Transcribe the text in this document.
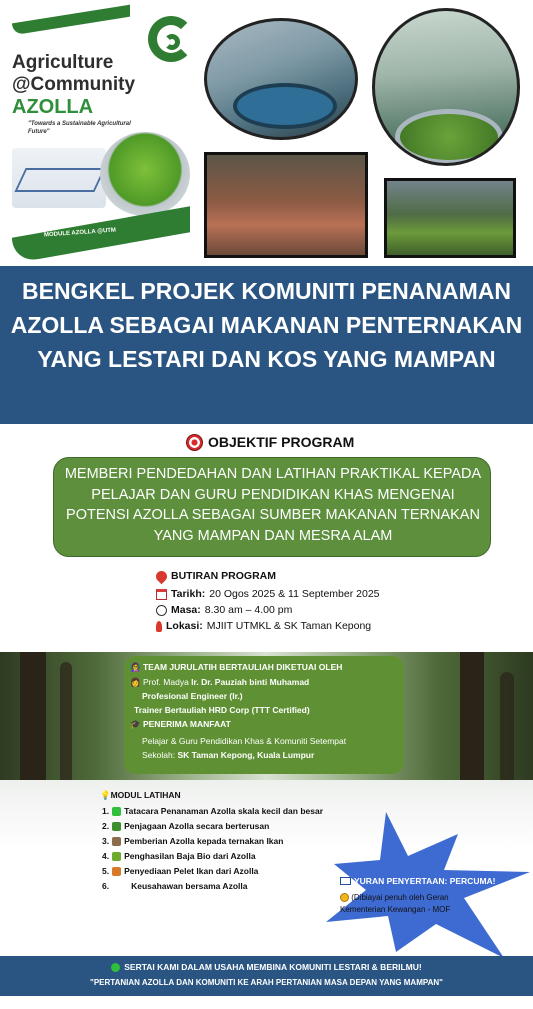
Agriculture
@Community
AZOLLA
"Towards a Sustainable Agricultural Future"
MODULE AZOLLA @UTM
BENGKEL PROJEK KOMUNITI PENANAMAN AZOLLA SEBAGAI MAKANAN PENTERNAKAN YANG LESTARI DAN KOS YANG MAMPAN
OBJEKTIF PROGRAM
MEMBERI PENDEDAHAN DAN LATIHAN PRAKTIKAL KEPADA PELAJAR DAN GURU PENDIDIKAN KHAS MENGENAI POTENSI AZOLLA SEBAGAI SUMBER MAKANAN TERNAKAN YANG MAMPAN DAN MESRA ALAM
BUTIRAN PROGRAM
Tarikh: 20 Ogos 2025 & 11 September 2025
Masa: 8.30 am – 4.00 pm
Lokasi: MJIIT UTMKL & SK Taman Kepong
👩‍🏫 TEAM JURULATIH BERTAULIAH DIKETUAI OLEH
👩 Prof. Madya Ir. Dr. Pauziah binti Muhamad
Profesional Engineer (Ir.)
Trainer Bertauliah HRD Corp (TTT Certified)
🎓 PENERIMA MANFAAT
Pelajar & Guru Pendidikan Khas & Komuniti Setempat
Sekolah: SK Taman Kepong, Kuala Lumpur
💡MODUL LATIHAN
1. Tatacara Penanaman Azolla skala kecil dan besar
2. Penjagaan Azolla secara berterusan
3. Pemberian Azolla kepada ternakan Ikan
4. Penghasilan Baja Bio dari Azolla
5. Penyediaan Pelet Ikan dari Azolla
6.	Keusahawan bersama Azolla	YURAN PENYERTAAN: PERCUMA!
(Dibiayai penuh oleh Geran Kementerian Kewangan - MOF
SERTAI KAMI DALAM USAHA MEMBINA KOMUNITI LESTARI & BERILMU!
"PERTANIAN AZOLLA DAN KOMUNITI KE ARAH PERTANIAN MASA DEPAN YANG MAMPAN"
